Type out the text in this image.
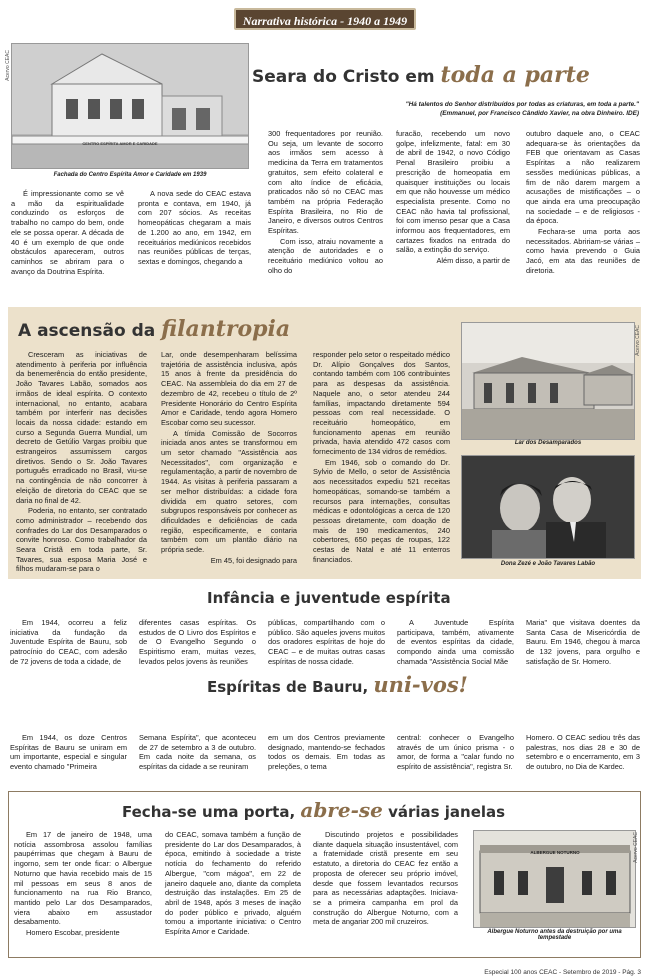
Narrativa histórica - 1940 a 1949
Acervo CEAC
Fachada do Centro Espírita Amor e Caridade em 1939
Seara do Cristo em toda a parte
"Há talentos do Senhor distribuídos por todas as criaturas, em toda a parte."
(Emmanuel, por Francisco Cândido Xavier, na obra Dinheiro. IDE)

É impressionante como se vê a mão da espiritualidade conduzindo os esforços de trabalho no campo do bem, onde ele se possa operar. A década de 40 é um exemplo de que onde obstáculos apareceram, outros caminhos se abriram para o avanço da Doutrina Espírita.

A nova sede do CEAC estava pronta e contava, em 1940, já com 207 sócios. As receitas homeopáticas chegaram a mais de 1.200 ao ano, em 1942, em receituários mediúnicos recebidos nas reuniões públicas de terças, sextas e domingos, chegando a

300 frequentadores por reunião. Ou seja, um levante de socorro aos irmãos sem acesso à medicina da Terra em tratamentos gratuitos, sem efeito colateral e com alto índice de eficácia, praticados não só no CEAC mas também na própria Federação Espírita Brasileira, no Rio de Janeiro, e diversos outros Centros Espíritas.

Com isso, atraiu novamente a atenção de autoridades e o receituário mediúnico voltou ao olho do

furacão, recebendo um novo golpe, infelizmente, fatal: em 30 de abril de 1942, o novo Código Penal Brasileiro proibiu a prescrição de homeopatia em quaisquer instituições ou locais em que não houvesse um médico especialista presente. Como no CEAC não havia tal profissional, foi com imenso pesar que a Casa informou aos frequentadores, em cartazes fixados na entrada do salão, a extinção do serviço.

Além disso, a partir de

outubro daquele ano, o CEAC adequara-se às orientações da FEB que orientavam as Casas Espíritas a não realizarem sessões mediúnicas públicas, a fim de não darem margem a acusações de mistificações – o que ainda era uma preocupação na sociedade – e de religiosos - da época.

Fechara-se uma porta aos necessitados. Abririam-se várias – como havia prevendo o Guia Jacó, em ata das reuniões de diretoria.

A ascensão da filantropia

Cresceram as iniciativas de atendimento à periferia por influência da benemerência do então presidente, João Tavares Labão, somados aos irmãos de ideal espírita. O contexto internacional, no entanto, acabara também por interferir nas decisões locais da nossa cidade: estando em curso a Segunda Guerra Mundial, um decreto de Getúlio Vargas proibiu que estrangeiros assumissem cargos diretivos. Sendo o Sr. João Tavares português erradicado no Brasil, viu-se na contingência de não concorrer à eleição de diretoria do CEAC que se daria no final de 42.

Poderia, no entanto, ser contratado como administrador – recebendo dos confrades do Lar dos Desamparados o convite honroso. Como trabalhador da Seara Cristã em toda parte, Sr. Tavares, sua esposa Maria José e filhos mudaram-se para o

Lar, onde desempenharam belíssima trajetória de assistência inclusiva, após 15 anos à frente da presidência do CEAC. Na assembleia do dia em 27 de dezembro de 42, recebeu o título de 2º Presidente Honorário do Centro Espírita Amor e Caridade, tendo agora Homero Escobar como seu sucessor.

A tímida Comissão de Socorros iniciada anos antes se transformou em um setor chamado "Assistência aos Necessitados", com organização e regulamentação, a partir de novembro de 1944. As visitas à periferia passaram a ser melhor distribuídas: a cidade fora dividida em quatro setores, com subgrupos responsáveis por conhecer as dificuldades e deficiências de cada região, especificamente, e contaria também com um plantão diário na própria sede.

Em 45, foi designado para

responder pelo setor o respeitado médico Dr. Alípio Gonçalves dos Santos, contando também com 106 contribuintes para as despesas da assistência. Naquele ano, o setor atendeu 244 famílias, impactando diretamente 594 pessoas com real necessidade. O receituário homeopático, em funcionamento apenas em reunião privada, havia atendido 472 casos com fornecimento de 134 vidros de remédios.

Em 1946, sob o comando do Dr. Sylvio de Mello, o setor de Assistência aos necessitados expediu 521 receitas homeopáticas, somando-se também a recursos para internações, consultas médicas e odontológicas a cerca de 120 pessoas diretamente, com doação de mais de 190 medicamentos, 240 cobertores, 650 peças de roupas, 122 cestas de Natal e até 11 enterros financiados.

Acervo CEAC
Lar dos Desamparados
Dona Zezé e João Tavares Labão
Infância e juventude espírita

Em 1944, ocorreu a feliz iniciativa da fundação da Juventude Espírita de Bauru, sob patrocínio do CEAC, com adesão de 72 jovens de toda a cidade, de

diferentes casas espíritas. Os estudos de O Livro dos Espíritos e de O Evangelho Segundo o Espiritismo eram, muitas vezes, levados pelos jovens às reuniões

públicas, compartilhando com o público. São aqueles jovens muitos dos oradores espíritas de hoje do CEAC – e de muitas outras casas espíritas de nossa cidade.

A Juventude Espírita participava, também, ativamente de eventos espíritas da cidade, compondo ainda uma comissão chamada "Assistência Social Mãe

Maria" que visitava doentes da Santa Casa de Misericórdia de Bauru. Em 1946, chegou à marca de 132 jovens, para orgulho e satisfação de Sr. Homero.

Espíritas de Bauru, uni-vos!

Em 1944, os doze Centros Espíritas de Bauru se uniram em um importante, especial e singular evento chamado "Primeira

Semana Espírita", que aconteceu de 27 de setembro a 3 de outubro. Em cada noite da semana, os espíritas da cidade a se reuniram

em um dos Centros previamente designado, mantendo-se fechados todos os demais. Em todas as preleções, o tema

central: conhecer o Evangelho através de um único prisma - o amor, de forma a "calar fundo no espírito de assistência", registra Sr.

Homero. O CEAC sediou três das palestras, nos dias 28 e 30 de setembro e o encerramento, em 3 de outubro, no Dia de Kardec.

Fecha-se uma porta, abre-se várias janelas

Em 17 de janeiro de 1948, uma notícia assombrosa assolou famílias paupérrimas que chegam à Bauru de ingorno, sem ter onde ficar: o Albergue Noturno que havia recebido mais de 15 mil pessoas em seus 8 anos de funcionamento na rua Rio Branco, mantido pelo Lar dos Desamparados, viera abaixo em assustador desabamento.

Homero Escobar, presidente

do CEAC, somava também a função de presidente do Lar dos Desamparados, à época, emitindo à sociedade a triste notícia do fechamento do referido Albergue, "com mágoa", em 22 de janeiro daquele ano, diante da completa destruição das instalações. Em 25 de abril de 1948, após 3 meses de inação do poder público e privado, alguém tomou a importante iniciativa: o Centro Espírita Amor e Caridade.

Discutindo projetos e possibilidades diante daquela situação insustentável, com a fraternidade cristã presente em seu estatuto, a diretoria do CEAC fez então a proposta de oferecer seu próprio imóvel, desde que fossem levantados recursos para as necessárias adaptações. Iniciava-se a primeira campanha em prol da construção do Albergue Noturno, com a meta de angariar 200 mil cruzeiros.

ALBERGUE NOTURNO	Acervo CEAC
Albergue Noturno antes da destruição por uma tempestade
CENTRO ESPÍRITA AMOR E CARIDADE
Especial 100 anos CEAC - Setembro de 2019 - Pág. 3
